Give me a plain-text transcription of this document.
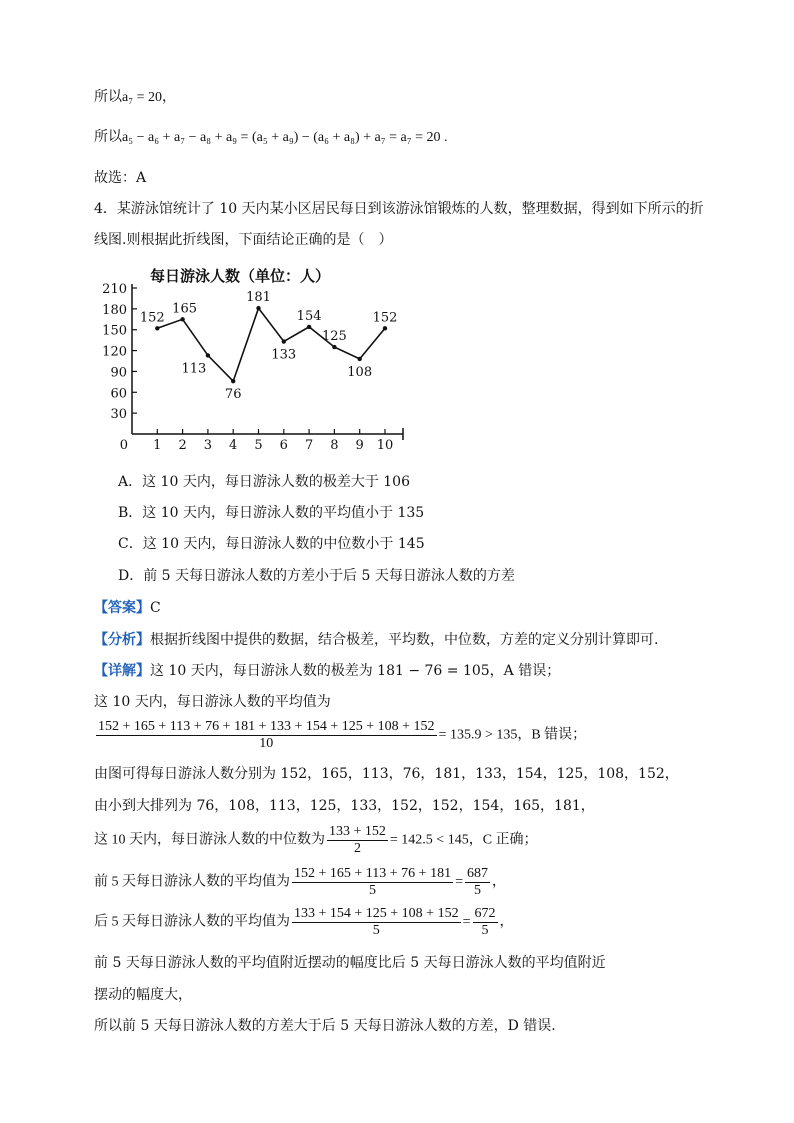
所以a₇ = 20，
所以a₅ − a₆ + a₇ − a₈ + a₉ = (a₅ + a₉) − (a₆ + a₈) + a₇ = a₇ = 20 .
故选：A
4．某游泳馆统计了 10 天内某小区居民每日到该游泳馆锻炼的人数，整理数据，得到如下所示的折
线图.则根据此折线图，下面结论正确的是（　）
每日游泳人数（单位：人）
0
30
60
90
120
150
180
210
1 2 3 4 5 6 7 8 9 10
152
165
113
76
181
133
154
125
108
152
A．这 10 天内，每日游泳人数的极差大于 106
B．这 10 天内，每日游泳人数的平均值小于 135
C．这 10 天内，每日游泳人数的中位数小于 145
D．前 5 天每日游泳人数的方差小于后 5 天每日游泳人数的方差
【答案】C
【分析】根据折线图中提供的数据，结合极差，平均数，中位数，方差的定义分别计算即可.
【详解】这 10 天内，每日游泳人数的极差为 181 − 76 = 105，A 错误；
这 10 天内，每日游泳人数的平均值为
$\frac{152 + 165 + 113 + 76 + 181 + 133 + 154 + 125 + 108 + 152}{10} = 135.9 > 135$，B 错误；
由图可得每日游泳人数分别为 152，165，113，76，181，133，154，125，108，152，
由小到大排列为 76，108，113，125，133，152，152，154，165，181，
这 10 天内，每日游泳人数的中位数为 $\frac{133 + 152}{2} = 142.5 < 145$，C 正确；
前 5 天每日游泳人数的平均值为 $\frac{152 + 165 + 113 + 76 + 181}{5} = \frac{687}{5}$ ，
后 5 天每日游泳人数的平均值为 $\frac{133 + 154 + 125 + 108 + 152}{5} = \frac{672}{5}$ ，
前 5 天每日游泳人数的平均值附近摆动的幅度比后 5 天每日游泳人数的平均值附近
摆动的幅度大，
所以前 5 天每日游泳人数的方差大于后 5 天每日游泳人数的方差，D 错误.
